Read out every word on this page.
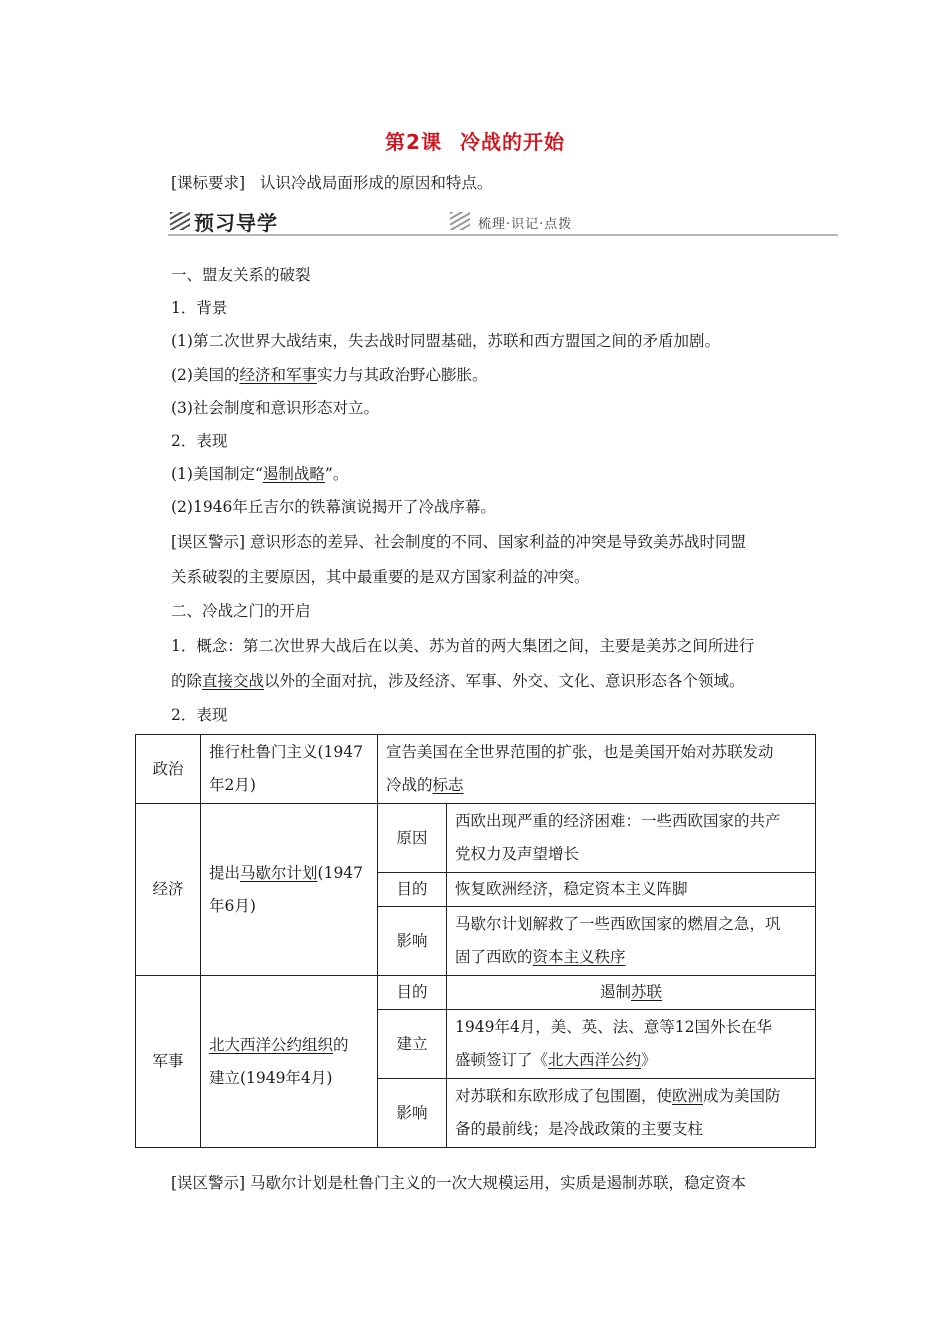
第2课 冷战的开始
[课标要求] 认识冷战局面形成的原因和特点。
预习导学	梳理·识记·点拨
一、盟友关系的破裂
1．背景
(1)第二次世界大战结束，失去战时同盟基础，苏联和西方盟国之间的矛盾加剧。
(2)美国的经济和军事实力与其政治野心膨胀。
(3)社会制度和意识形态对立。
2．表现
(1)美国制定“遏制战略”。
(2)1946年丘吉尔的铁幕演说揭开了冷战序幕。
[误区警示] 意识形态的差异、社会制度的不同、国家利益的冲突是导致美苏战时同盟
关系破裂的主要原因，其中最重要的是双方国家利益的冲突。
二、冷战之门的开启
1．概念：第二次世界大战后在以美、苏为首的两大集团之间，主要是美苏之间所进行
的除直接交战以外的全面对抗，涉及经济、军事、外交、文化、意识形态各个领域。
2．表现
政治	推行杜鲁门主义(1947
年2月)	宣告美国在全世界范围的扩张，也是美国开始对苏联发动
冷战的标志	

经济	提出马歇尔计划(1947
年6月)	原因	西欧出现严重的经济困难：一些西欧国家的共产
党权力及声望增长

		目的	恢复欧洲经济，稳定资本主义阵脚
		影响	马歇尔计划解救了一些西欧国家的燃眉之急，巩
固了西欧的资本主义秩序

军事	北大西洋公约组织的
建立(1949年4月)	目的	遏制苏联
		建立	1949年4月，美、英、法、意等12国外长在华
盛顿签订了《北大西洋公约》

		影响	对苏联和东欧形成了包围圈，使欧洲成为美国防
备的最前线；是冷战政策的主要支柱
[误区警示] 马歇尔计划是杜鲁门主义的一次大规模运用，实质是遏制苏联，稳定资本
